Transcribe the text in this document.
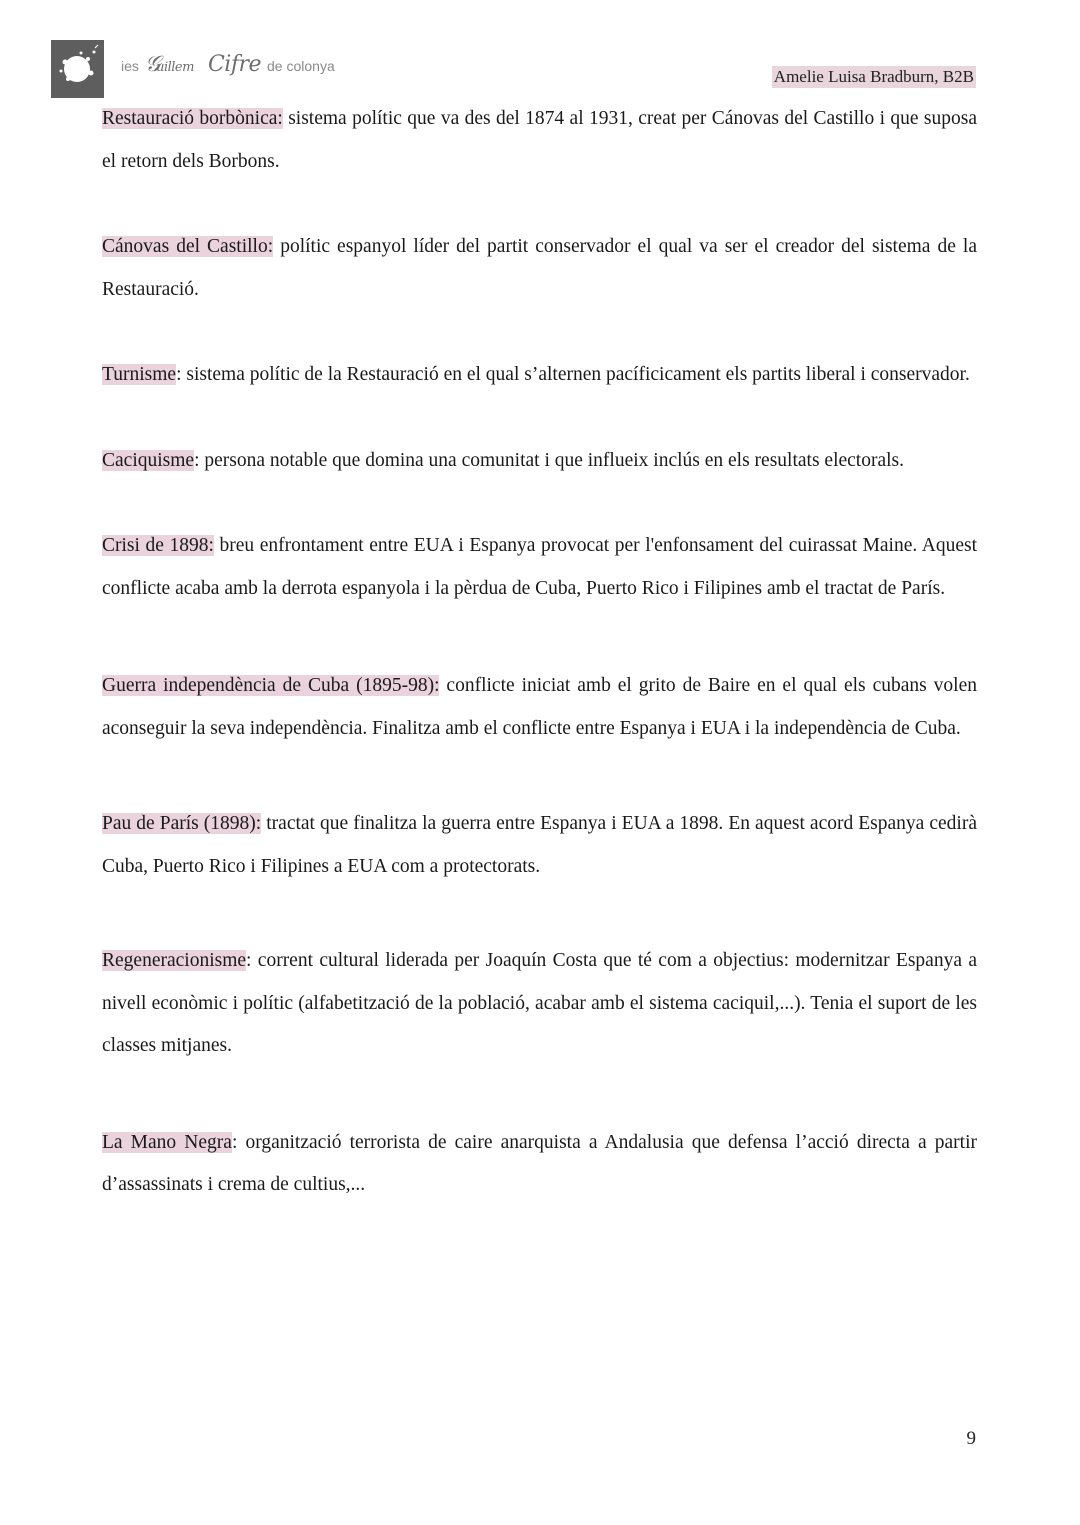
ies 𝒢uillem Cifre de colonya
Amelie Luisa Bradburn, B2B

Restauració borbònica: sistema polític que va des del 1874 al 1931, creat per Cánovas del Castillo i que suposa el retorn dels Borbons.

Cánovas del Castillo: polític espanyol líder del partit conservador el qual va ser el creador del sistema de la Restauració.

Turnisme: sistema polític de la Restauració en el qual s’alternen pacíficicament els partits liberal i conservador.

Caciquisme: persona notable que domina una comunitat i que influeix inclús en els resultats electorals.

Crisi de 1898: breu enfrontament entre EUA i Espanya provocat per l'enfonsament del cuirassat Maine. Aquest conflicte acaba amb la derrota espanyola i la pèrdua de Cuba, Puerto Rico i Filipines amb el tractat de París.

Guerra independència de Cuba (1895-98): conflicte iniciat amb el grito de Baire en el qual els cubans volen aconseguir la seva independència. Finalitza amb el conflicte entre Espanya i EUA i la independència de Cuba.

Pau de París (1898): tractat que finalitza la guerra entre Espanya i EUA a 1898. En aquest acord Espanya cedirà Cuba, Puerto Rico i Filipines a EUA com a protectorats.

Regeneracionisme: corrent cultural liderada per Joaquín Costa que té com a objectius: modernitzar Espanya a nivell econòmic i polític (alfabetització de la població, acabar amb el sistema caciquil,...). Tenia el suport de les classes mitjanes.

La Mano Negra: organització terrorista de caire anarquista a Andalusia que defensa l’acció directa a partir d’assassinats i crema de cultius,...

9
